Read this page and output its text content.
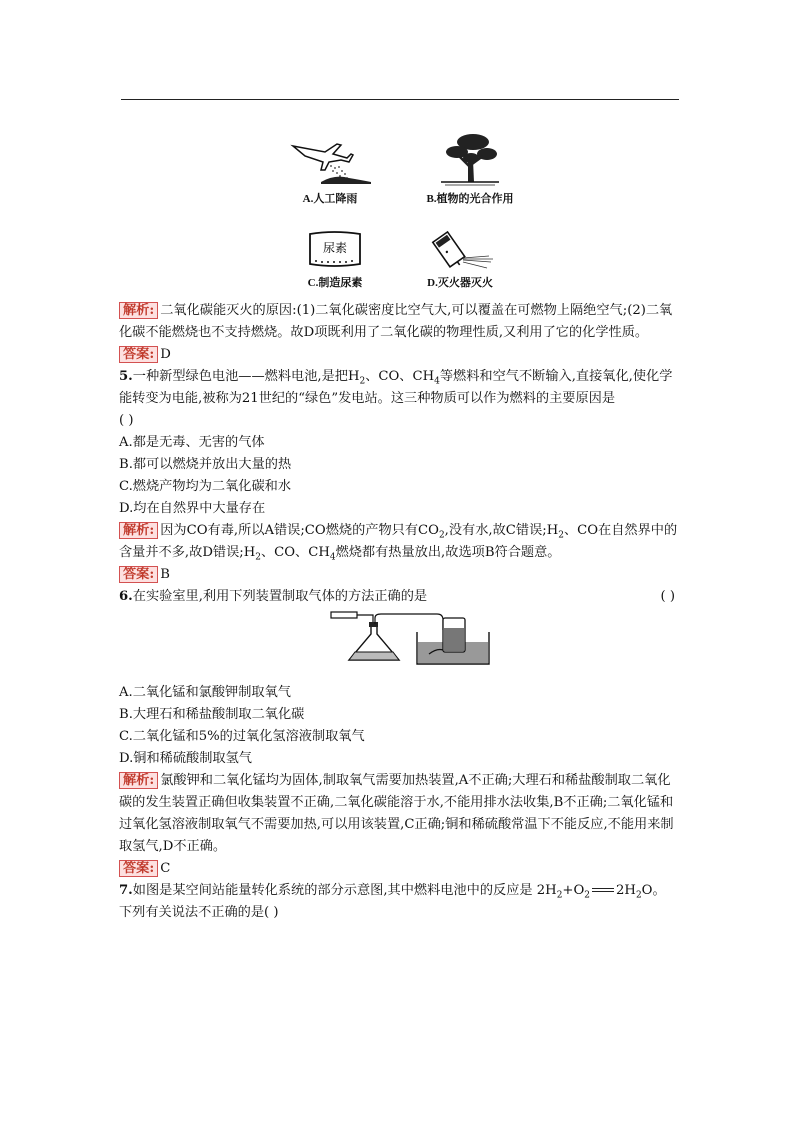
A.人工降雨	B.植物的光合作用
尿素
C.制造尿素	D.灭火器灭火

解析: 二氧化碳能灭火的原因:(1)二氧化碳密度比空气大,可以覆盖在可燃物上隔绝空气;(2)二氧化碳不能燃烧也不支持燃烧。故D项既利用了二氧化碳的物理性质,又利用了它的化学性质。

答案: D

5.一种新型绿色电池——燃料电池,是把$H_2$、CO、$CH_4$等燃料和空气不断输入,直接氧化,使化学能转变为电能,被称为21世纪的“绿色”发电站。这三种物质可以作为燃料的主要原因是
( )

A.都是无毒、无害的气体

B.都可以燃烧并放出大量的热

C.燃烧产物均为二氧化碳和水

D.均在自然界中大量存在

解析: 因为CO有毒,所以A错误;CO燃烧的产物只有$CO_2$,没有水,故C错误$;H_2$、CO在自然界中的含量并不多,故D错误$;H_2$、CO、$CH_4$燃烧都有热量放出,故选项B符合题意。

答案: B

6.在实验室里,利用下列装置制取气体的方法正确的是	( )

A.二氧化锰和氯酸钾制取氧气

B.大理石和稀盐酸制取二氧化碳

C.二氧化锰和5%的过氧化氢溶液制取氧气

D.铜和稀硫酸制取氢气

解析: 氯酸钾和二氧化锰均为固体,制取氧气需要加热装置,A不正确;大理石和稀盐酸制取二氧化碳的发生装置正确但收集装置不正确,二氧化碳能溶于水,不能用排水法收集,B不正确;二氧化锰和过氧化氢溶液制取氧气不需要加热,可以用该装置,C正确;铜和稀硫酸常温下不能反应,不能用来制取氢气,D不正确。

答案: C

7.如图是某空间站能量转化系统的部分示意图,其中燃料电池中的反应是 $2H_2+O_2$ $2H_2O$。
下列有关说法不正确的是( )
